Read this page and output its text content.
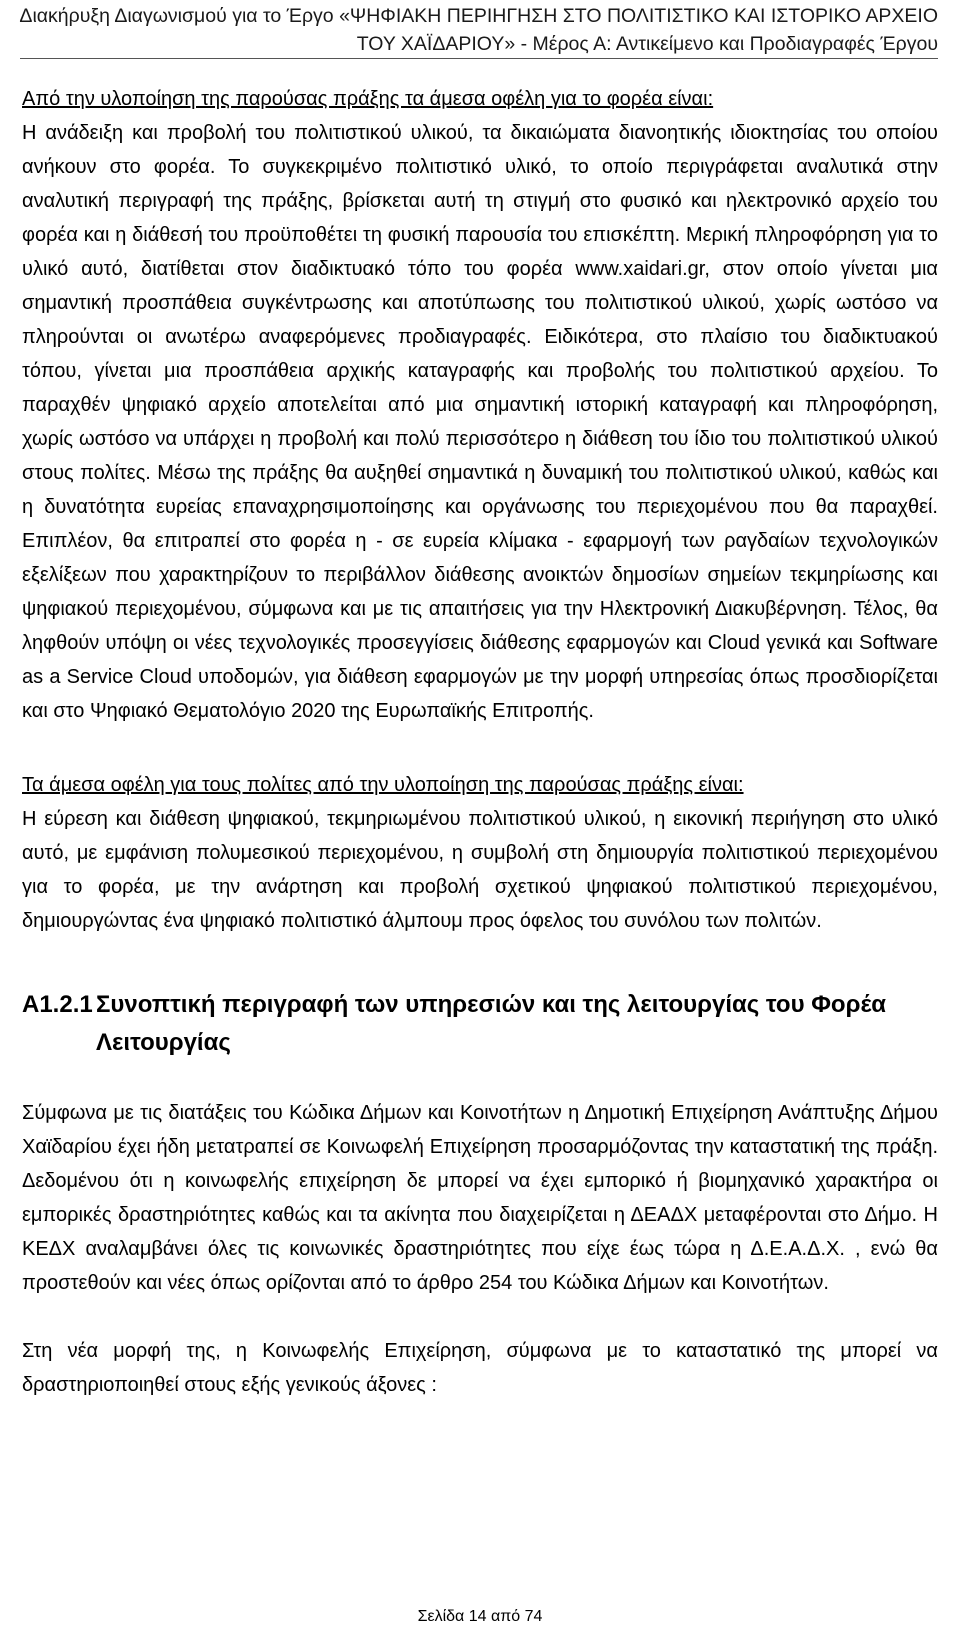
Διακήρυξη Διαγωνισμού για το Έργο «ΨΗΦΙΑΚΗ ΠΕΡΙΗΓΗΣΗ ΣΤΟ ΠΟΛΙΤΙΣΤΙΚΟ ΚΑΙ ΙΣΤΟΡΙΚΟ ΑΡΧΕΙΟ
ΤΟΥ ΧΑΪΔΑΡΙΟΥ» - Μέρος Α: Αντικείμενο και Προδιαγραφές Έργου

Από την υλοποίηση της παρούσας πράξης τα άμεσα οφέλη για το φορέα είναι:
Η ανάδειξη και προβολή του πολιτιστικού υλικού, τα δικαιώματα διανοητικής ιδιοκτησίας του οποίου ανήκουν στο φορέα. Το συγκεκριμένο πολιτιστικό υλικό, το οποίο περιγράφεται αναλυτικά στην αναλυτική περιγραφή της πράξης, βρίσκεται αυτή τη στιγμή στο φυσικό και ηλεκτρονικό αρχείο του φορέα και η διάθεσή του προϋποθέτει τη φυσική παρουσία του επισκέπτη. Μερική πληροφόρηση για το υλικό αυτό, διατίθεται στον διαδικτυακό τόπο του φορέα www.xaidari.gr, στον οποίο γίνεται μια σημαντική προσπάθεια συγκέντρωσης και αποτύπωσης του πολιτιστικού υλικού, χωρίς ωστόσο να πληρούνται οι ανωτέρω αναφερόμενες προδιαγραφές. Ειδικότερα, στο πλαίσιο του διαδικτυακού τόπου, γίνεται μια προσπάθεια αρχικής καταγραφής και προβολής του πολιτιστικού αρχείου. Το παραχθέν ψηφιακό αρχείο αποτελείται από μια σημαντική ιστορική καταγραφή και πληροφόρηση, χωρίς ωστόσο να υπάρχει η προβολή και πολύ περισσότερο η διάθεση του ίδιο του πολιτιστικού υλικού στους πολίτες. Μέσω της πράξης θα αυξηθεί σημαντικά η δυναμική του πολιτιστικού υλικού, καθώς και η δυνατότητα ευρείας επαναχρησιμοποίησης και οργάνωσης του περιεχομένου που θα παραχθεί. Επιπλέον, θα επιτραπεί στο φορέα η - σε ευρεία κλίμακα - εφαρμογή των ραγδαίων τεχνολογικών εξελίξεων που χαρακτηρίζουν το περιβάλλον διάθεσης ανοικτών δημοσίων σημείων τεκμηρίωσης και ψηφιακού περιεχομένου, σύμφωνα και με τις απαιτήσεις για την Ηλεκτρονική Διακυβέρνηση. Τέλος, θα ληφθούν υπόψη οι νέες τεχνολογικές προσεγγίσεις διάθεσης εφαρμογών και Cloud γενικά και Software as a Service Cloud υποδομών, για διάθεση εφαρμογών με την μορφή υπηρεσίας όπως προσδιορίζεται και στο Ψηφιακό Θεματολόγιο 2020 της Ευρωπαϊκής Επιτροπής.

Τα άμεσα οφέλη για τους πολίτες από την υλοποίηση της παρούσας πράξης είναι:
Η εύρεση και διάθεση ψηφιακού, τεκμηριωμένου πολιτιστικού υλικού, η εικονική περιήγηση στο υλικό αυτό, με εμφάνιση πολυμεσικού περιεχομένου, η συμβολή στη δημιουργία πολιτιστικού περιεχομένου για το φορέα, με την ανάρτηση και προβολή σχετικού ψηφιακού πολιτιστικού περιεχομένου, δημιουργώντας ένα ψηφιακό πολιτιστικό άλμπουμ προς όφελος του συνόλου των πολιτών.

Α1.2.1 Συνοπτική περιγραφή των υπηρεσιών και της λειτουργίας του Φορέα Λειτουργίας

Σύμφωνα με τις διατάξεις του Κώδικα Δήμων και Κοινοτήτων η Δημοτική Επιχείρηση Ανάπτυξης Δήμου Χαϊδαρίου έχει ήδη μετατραπεί σε Κοινωφελή Επιχείρηση προσαρμόζοντας την καταστατική της πράξη. Δεδομένου ότι η κοινωφελής επιχείρηση δε μπορεί να έχει εμπορικό ή βιομηχανικό χαρακτήρα οι εμπορικές δραστηριότητες καθώς και τα ακίνητα που διαχειρίζεται η ΔΕΑΔΧ μεταφέρονται στο Δήμο. Η ΚΕΔΧ αναλαμβάνει όλες τις κοινωνικές δραστηριότητες που είχε έως τώρα η Δ.Ε.Α.Δ.Χ. , ενώ θα προστεθούν και νέες όπως ορίζονται από το άρθρο 254 του Κώδικα Δήμων και Κοινοτήτων.

Στη νέα μορφή της, η Κοινωφελής Επιχείρηση, σύμφωνα με το καταστατικό της μπορεί να δραστηριοποιηθεί στους εξής γενικούς άξονες :

Σελίδα 14 από 74
